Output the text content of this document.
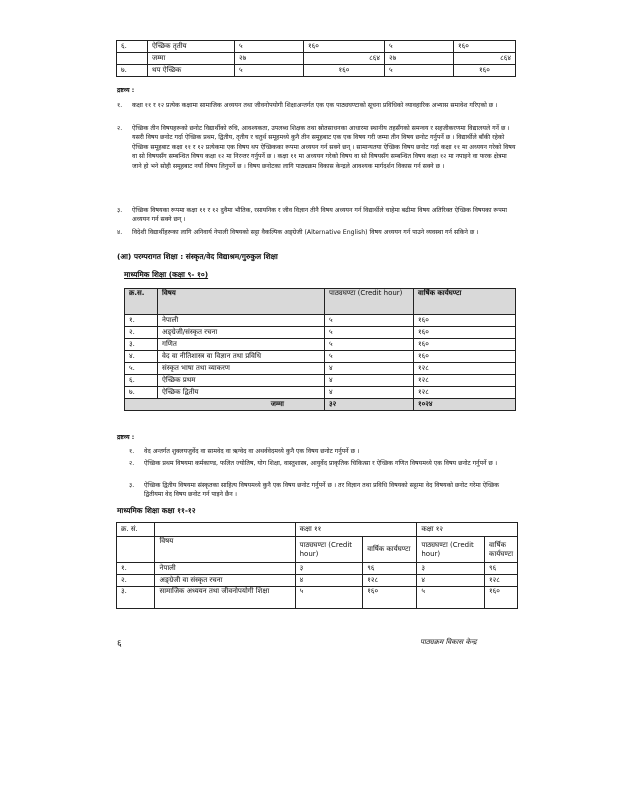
६.	ऐच्छिक तृतीय	५	१६०	५	१६०
	जम्मा	२७	८६४	२७	८६४
७.	थप ऐच्छिक	५	१६०	५	१६०
द्रष्टव्य :
१. कक्षा ११ र १२ प्रत्येक कक्षामा सामाजिक अध्ययन तथा जीवनोपयोगी शिक्षाअन्तर्गत एक एक पाठ्यघण्टाको सूचना प्रविधिको व्यावहारिक अभ्यास समावेश गरिएको छ ।
२. ऐच्छिक तीन विषयहरूको छनोट विद्यार्थीको रुचि, आवश्यकता, उपलब्ध शिक्षक तथा स्रोतसाधनका आधारमा स्थानीय तहसँगको समन्वय र सहजीकरणमा विद्यालयले गर्ने छ । यसरी विषय छनोट गर्दा ऐच्छिक प्रथम, द्वितीय, तृतीय र चतुर्थ समूहमध्ये कुनै तीन समूहबाट एक एक विषय गरी जम्मा तीन विषय छनोट गर्नुपर्ने छ । विद्यार्थीले बाँकी रहेको ऐच्छिक समूहबाट कक्षा ११ र १२ प्रत्येकमा एक विषय थप ऐच्छिकका रूपमा अध्ययन गर्न सक्ने छन् । सामान्यतया ऐच्छिक विषय छनोट गर्दा कक्षा ११ मा अध्ययन गरेको विषय वा सो विषयसँग सम्बन्धित विषय कक्षा १२ मा निरन्तर गर्नुपर्ने छ । कक्षा ११ मा अध्ययन गरेको विषय वा सो विषयसँग सम्बन्धित विषय कक्षा १२ मा नपाइने वा फरक क्षेत्रमा जाने हो भने सोही समूहबाट नयाँ विषय लिनुपर्ने छ । विषय छनोटका लागि पाठ्यक्रम विकास केन्द्रले आवश्यक मार्गदर्शन विकास गर्न सक्ने छ ।
३. ऐच्छिक विषयका रूपमा कक्षा ११ र १२ दुवैमा भौतिक, रसायनिक र जीव विज्ञान तीनै विषय अध्ययन गर्न विद्यार्थीले चाहेमा बढीमा विषय अतिरिक्त ऐच्छिक विषयका रूपमा अध्ययन गर्न सक्ने छन् ।
४. विदेशी विद्यार्थीहरूका लागि अनिवार्य नेपाली विषयको सट्टा वैकल्पिक अङ्ग्रेजी (Alternative English) विषय अध्ययन गर्न पाउने व्यवस्था गर्न सकिने छ ।
(आ) परम्परागत शिक्षा : संस्कृत/वेद विद्याश्रम/गुरुकुल शिक्षा
माध्यमिक शिक्षा (कक्षा ९- १०)
क्र.स.	विषय	पाठ्यघण्टा (Credit hour)	वार्षिक कार्यघण्टा
१.	नेपाली	५	१६०
२.	अङ्ग्रेजी/संस्कृत रचना	५	१६०
३.	गणित	५	१६०
४.	वेद वा नीतिशास्त्र वा विज्ञान तथा प्रविधि	५	१६०
५.	संस्कृत भाषा तथा व्याकरण	४	१२८
६.	ऐच्छिक प्रथम	४	१२८
७.	ऐच्छिक द्वितीय	४	१२८
जम्मा		३२	१०२४
द्रष्टव्य :
१. वेद अन्तर्गत शुक्लयजुर्वेद वा सामवेद वा ऋग्वेद वा अथर्ववेदमध्ये कुनै एक विषय छनोट गर्नुपर्ने छ ।
२. ऐच्छिक प्रथम विषयमा कर्मकाण्ड, फलित ज्योतिष, योग शिक्षा, वास्तुशास्त्र, आयुर्वेद प्राकृतिक चिकित्सा र ऐच्छिक गणित विषयमध्ये एक विषय छनोट गर्नुपर्ने छ ।
३. ऐच्छिक द्वितीय विषयमा संस्कृतका साहित्य विषयमध्ये कुनै एक विषय छनोट गर्नुपर्ने छ । तर विज्ञान तथा प्रविधि विषयको सट्टामा वेद विषयको छनोट गरेमा ऐच्छिक द्वितीयमा वेद विषय छनोट गर्न पाइने छैन ।
माध्यमिक शिक्षा कक्षा ११-१२
क्र. सं.		कक्षा ११		कक्षा १२	
	विषय	पाठ्यघण्टा (Credit hour)	वार्षिक कार्यघण्टा	पाठ्यघण्टा (Credit hour)	वार्षिक कार्यघण्टा
१.	नेपाली	३	९६	३	९६
२.	अङ्ग्रेजी वा संस्कृत रचना	४	१२८	४	१२८
३.	सामाजिक अध्ययन तथा जीवनोपयोगी शिक्षा	५	१६०	५	१६०
६	पाठ्यक्रम विकास केन्द्र
